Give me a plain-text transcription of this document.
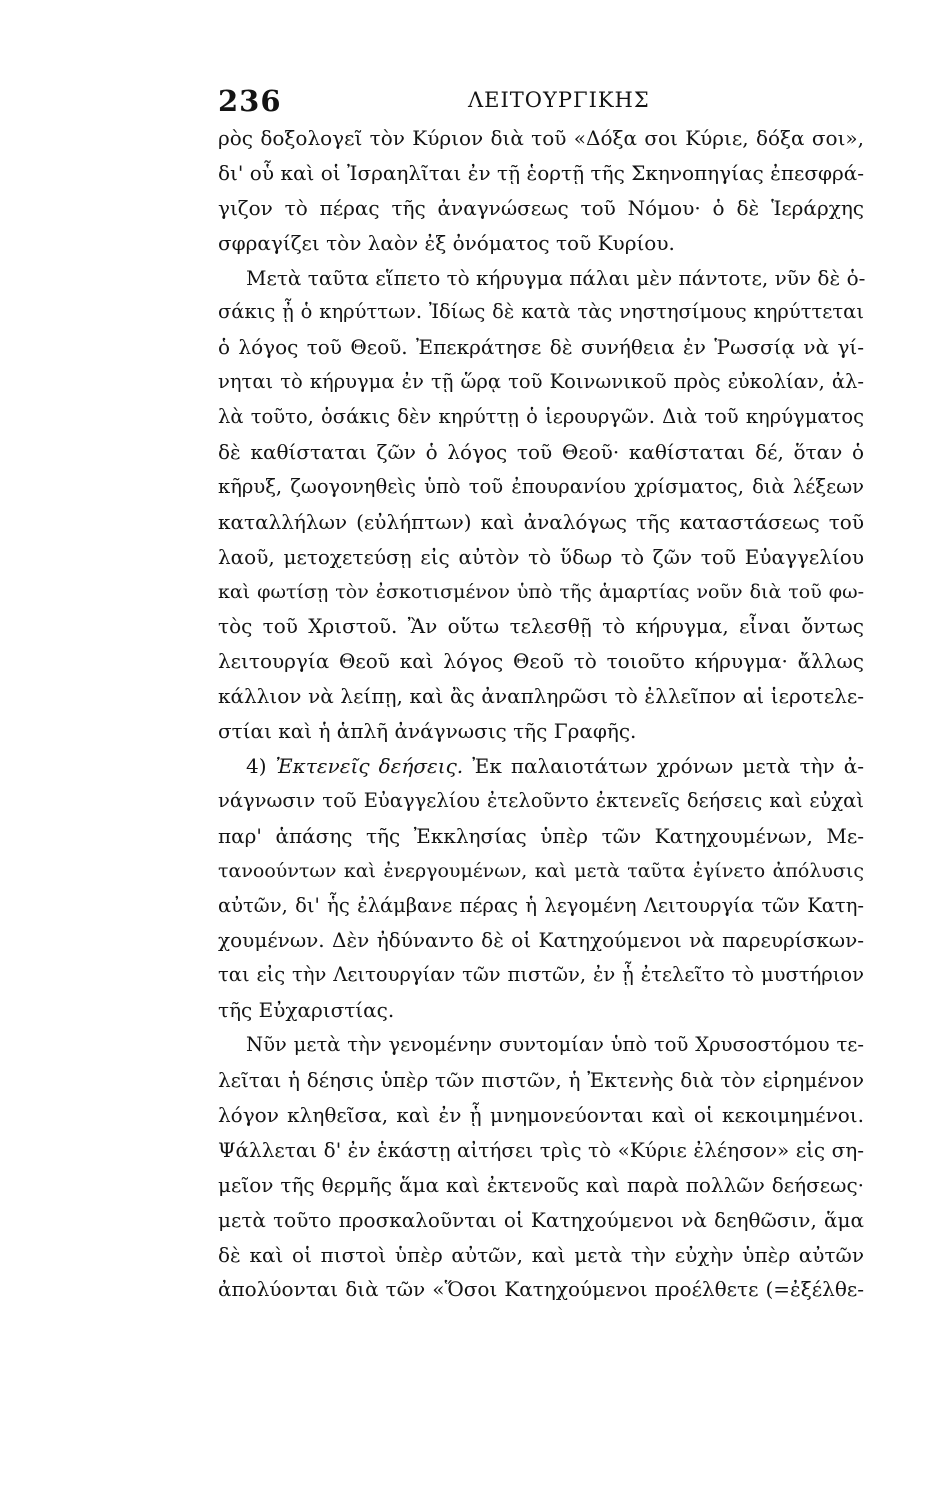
236	ΛΕΙΤΟΥΡΓΙΚΗΣ
ρὸς δοξολογεῖ τὸν Κύριον διὰ τοῦ «Δόξα σοι Κύριε, δόξα σοι»,
δι' οὗ καὶ οἱ Ἰσραηλῖται ἐν τῇ ἑορτῇ τῆς Σκηνοπηγίας ἐπεσφρά-
γιζον τὸ πέρας τῆς ἀναγνώσεως τοῦ Νόμου· ὁ δὲ Ἱεράρχης
σφραγίζει τὸν λαὸν ἐξ ὀνόματος τοῦ Κυρίου.
Μετὰ ταῦτα εἵπετο τὸ κήρυγμα πάλαι μὲν πάντοτε, νῦν δὲ ὁ-
σάκις ᾖ ὁ κηρύττων. Ἰδίως δὲ κατὰ τὰς νηστησίμους κηρύττεται
ὁ λόγος τοῦ Θεοῦ. Ἐπεκράτησε δὲ συνήθεια ἐν Ῥωσσίᾳ νὰ γί-
νηται τὸ κήρυγμα ἐν τῇ ὥρᾳ τοῦ Κοινωνικοῦ πρὸς εὐκολίαν, ἀλ-
λὰ τοῦτο, ὁσάκις δὲν κηρύττῃ ὁ ἱερουργῶν. Διὰ τοῦ κηρύγματος
δὲ καθίσταται ζῶν ὁ λόγος τοῦ Θεοῦ· καθίσταται δέ, ὅταν ὁ
κῆρυξ, ζωογονηθεὶς ὑπὸ τοῦ ἐπουρανίου χρίσματος, διὰ λέξεων
καταλλήλων (εὐλήπτων) καὶ ἀναλόγως τῆς καταστάσεως τοῦ
λαοῦ, μετοχετεύσῃ εἰς αὐτὸν τὸ ὕδωρ τὸ ζῶν τοῦ Εὐαγγελίου
καὶ φωτίσῃ τὸν ἐσκοτισμένον ὑπὸ τῆς ἁμαρτίας νοῦν διὰ τοῦ φω-
τὸς τοῦ Χριστοῦ. Ἂν οὕτω τελεσθῇ τὸ κήρυγμα, εἶναι ὄντως
λειτουργία Θεοῦ καὶ λόγος Θεοῦ τὸ τοιοῦτο κήρυγμα· ἄλλως
κάλλιον νὰ λείπῃ, καὶ ἂς ἀναπληρῶσι τὸ ἐλλεῖπον αἱ ἱεροτελε-
στίαι καὶ ἡ ἁπλῆ ἀνάγνωσις τῆς Γραφῆς.
4) Ἐκτενεῖς δεήσεις. Ἐκ παλαιοτάτων χρόνων μετὰ τὴν ἀ-
νάγνωσιν τοῦ Εὐαγγελίου ἐτελοῦντο ἐκτενεῖς δεήσεις καὶ εὐχαὶ
παρ' ἁπάσης τῆς Ἐκκλησίας ὑπὲρ τῶν Κατηχουμένων, Με-
τανοούντων καὶ ἐνεργουμένων, καὶ μετὰ ταῦτα ἐγίνετο ἀπόλυσις
αὐτῶν, δι' ἧς ἐλάμβανε πέρας ἡ λεγομένη Λειτουργία τῶν Κατη-
χουμένων. Δὲν ἠδύναντο δὲ οἱ Κατηχούμενοι νὰ παρευρίσκων-
ται εἰς τὴν Λειτουργίαν τῶν πιστῶν, ἐν ᾗ ἐτελεῖτο τὸ μυστήριον
τῆς Εὐχαριστίας.
Νῦν μετὰ τὴν γενομένην συντομίαν ὑπὸ τοῦ Χρυσοστόμου τε-
λεῖται ἡ δέησις ὑπὲρ τῶν πιστῶν, ἡ Ἐκτενὴς διὰ τὸν εἰρημένον
λόγον κληθεῖσα, καὶ ἐν ᾗ μνημονεύονται καὶ οἱ κεκοιμημένοι.
Ψάλλεται δ' ἐν ἑκάστῃ αἰτήσει τρὶς τὸ «Κύριε ἐλέησον» εἰς ση-
μεῖον τῆς θερμῆς ἅμα καὶ ἐκτενοῦς καὶ παρὰ πολλῶν δεήσεως·
μετὰ τοῦτο προσκαλοῦνται οἱ Κατηχούμενοι νὰ δεηθῶσιν, ἅμα
δὲ καὶ οἱ πιστοὶ ὑπὲρ αὐτῶν, καὶ μετὰ τὴν εὐχὴν ὑπὲρ αὐτῶν
ἀπολύονται διὰ τῶν «Ὅσοι Κατηχούμενοι προέλθετε (=ἐξέλθε-
